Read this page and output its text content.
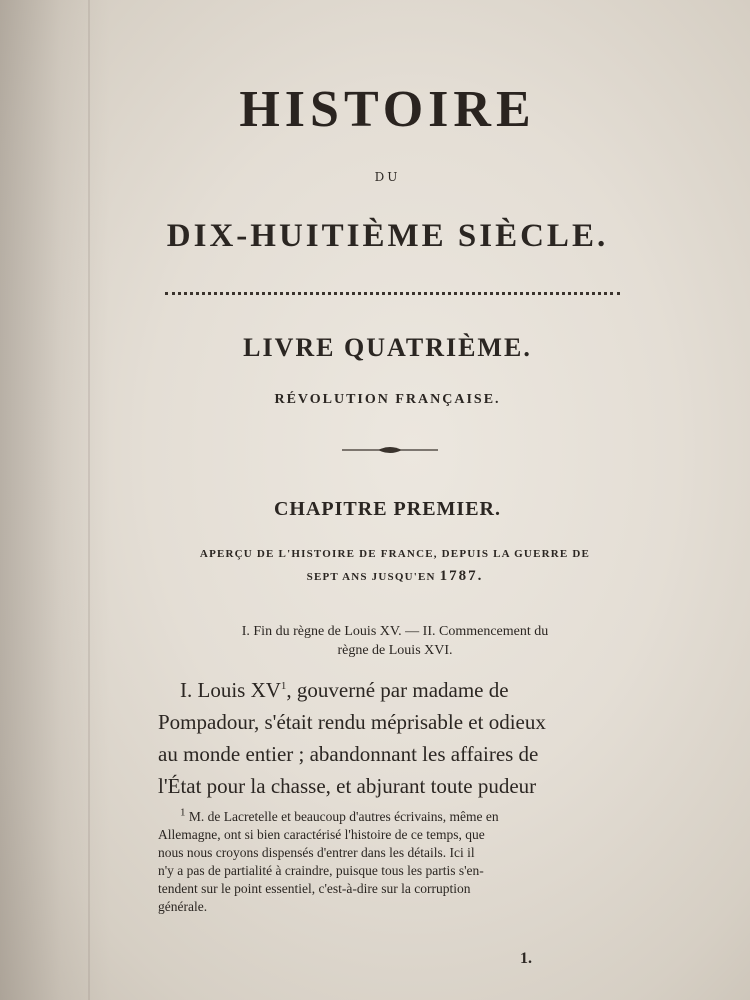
HISTOIRE
DU
DIX-HUITIÈME SIÈCLE.
LIVRE QUATRIÈME.
RÉVOLUTION FRANÇAISE.
CHAPITRE PREMIER.
APERÇU DE L'HISTOIRE DE FRANCE, DEPUIS LA GUERRE DE
SEPT ANS JUSQU'EN 1787.
I. Fin du règne de Louis XV. — II. Commencement du
règne de Louis XVI.
I. Louis XV$^1$, gouverné par madame de
Pompadour, s'était rendu méprisable et odieux
au monde entier ; abandonnant les affaires de
l'État pour la chasse, et abjurant toute pudeur
$^1$ M. de Lacretelle et beaucoup d'autres écrivains, même en
Allemagne, ont si bien caractérisé l'histoire de ce temps, que
nous nous croyons dispensés d'entrer dans les détails. Ici il
n'y a pas de partialité à craindre, puisque tous les partis s'en-
tendent sur le point essentiel, c'est-à-dire sur la corruption
générale.
1.
